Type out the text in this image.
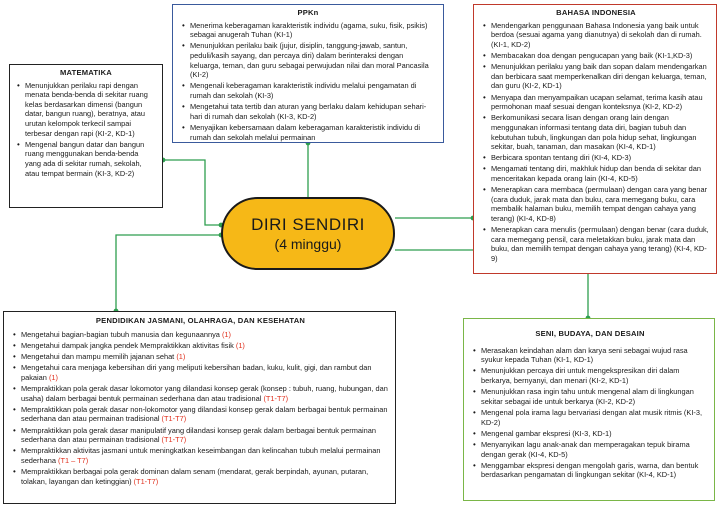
PPKn
• Menerima keberagaman karakteristik individu (agama, suku, fisik, psikis) sebagai anugerah Tuhan (KI-1)
• Menunjukkan perilaku baik (jujur, disiplin, tanggung-jawab, santun, peduli/kasih sayang, dan percaya diri) dalam berinteraksi dengan keluarga, teman, dan guru sebagai perwujudan nilai dan moral Pancasila (KI-2)
• Mengenali keberagaman karakteristik individu melalui pengamatan di rumah dan sekolah (KI-3)
• Mengetahui tata tertib dan aturan yang berlaku dalam kehidupan sehari-hari di rumah dan sekolah (KI-3, KD-2)
• Menyajikan kebersamaan dalam keberagaman karakteristik individu di rumah dan sekolah melalui permainan
BAHASA INDONESIA
• Mendengarkan penggunaan Bahasa Indonesia yang baik untuk berdoa (sesuai agama yang dianutnya) di sekolah dan di rumah. (KI-1, KD-2)
• Membacakan doa dengan pengucapan yang baik (KI-1,KD-3)
• Menunjukkan perilaku yang baik dan sopan dalam mendengarkan dan berbicara saat memperkenalkan diri dengan keluarga, teman, dan guru (KI-2, KD-1)
• Menyapa dan menyampaikan ucapan selamat, terima kasih atau permohonan maaf sesuai dengan konteksnya (KI-2, KD-2)
• Berkomunikasi secara lisan dengan orang lain dengan menggunakan informasi tentang data diri, bagian tubuh dan kebutuhan tubuh, lingkungan dan pola hidup sehat, lingkungan sekitar, buah, tanaman, dan masakan (KI-4, KD-1)
• Berbicara spontan tentang diri (KI-4, KD-3)
• Mengamati tentang diri, makhluk hidup dan benda di sekitar dan menceritakan kepada orang lain (KI-4, KD-5)
• Menerapkan cara membaca (permulaan) dengan cara yang benar (cara duduk, jarak mata dan buku, cara memegang buku, cara membalik halaman buku, memilih tempat dengan cahaya yang terang) (KI-4, KD-8)
• Menerapkan cara menulis (permulaan) dengan benar (cara duduk, cara memegang pensil, cara meletakkan buku, jarak mata dan buku, dan memilih tempat dengan cahaya yang terang) (KI-4, KD-9)
MATEMATIKA
• Menunjukkan perilaku rapi dengan menata benda-benda di sekitar ruang kelas berdasarkan dimensi (bangun datar, bangun ruang), beratnya, atau urutan kelompok terkecil sampai terbesar dengan rapi (KI-2, KD-1)
• Mengenal bangun datar dan bangun ruang menggunakan benda-benda yang ada di sekitar rumah, sekolah, atau tempat bermain (KI-3, KD-2)
DIRI SENDIRI
(4 minggu)
PENDIDIKAN JASMANI, OLAHRAGA, DAN KESEHATAN
• Mengetahui bagian-bagian tubuh manusia dan kegunaannya (1)
• Mengetahui dampak jangka pendek Mempraktikkan aktivitas fisik (1)
• Mengetahui dan mampu memilih jajanan sehat (1)
• Mengetahui cara menjaga kebersihan diri yang meliputi kebersihan badan, kuku, kulit, gigi, dan rambut dan pakaian (1)
• Mempraktikkan pola gerak dasar lokomotor yang dilandasi konsep gerak (konsep : tubuh, ruang, hubungan, dan usaha) dalam berbagai bentuk permainan sederhana dan atau tradisional (T1-T7)
• Mempraktikkan pola gerak dasar non-lokomotor yang dilandasi konsep gerak dalam berbagai bentuk permainan sederhana dan atau permainan tradisional (T1-T7)
• Mempraktikkan pola gerak dasar manipulatif yang dilandasi konsep gerak dalam berbagai bentuk permainan sederhana dan atau permainan tradisional (T1-T7)
• Mempraktikkan aktivitas jasmani untuk meningkatkan keseimbangan dan kelincahan tubuh melalui permainan sederhana (T1 – T7)
• Mempraktikkan berbagai pola gerak dominan dalam senam (mendarat, gerak berpindah, ayunan, putaran, tolakan, layangan dan ketinggian) (T1-T7)
SENI, BUDAYA, DAN DESAIN
• Merasakan keindahan alam dan karya seni sebagai wujud rasa syukur kepada Tuhan (KI-1, KD-1)
• Menunjukkan percaya diri untuk mengekspresikan diri dalam berkarya, bernyanyi, dan menari (KI-2, KD-1)
• Menunjukkan rasa ingin tahu untuk mengenal alam di lingkungan sekitar sebagai ide untuk berkarya (KI-2, KD-2)
• Mengenal pola irama lagu bervariasi dengan alat musik ritmis (KI-3, KD-2)
• Mengenal gambar ekspresi (KI-3, KD-1)
• Menyanyikan lagu anak-anak dan memperagakan tepuk birama dengan gerak (KI-4, KD-5)
• Menggambar ekspresi dengan mengolah garis, warna, dan bentuk berdasarkan pengamatan di lingkungan sekitar (KI-4, KD-1)
